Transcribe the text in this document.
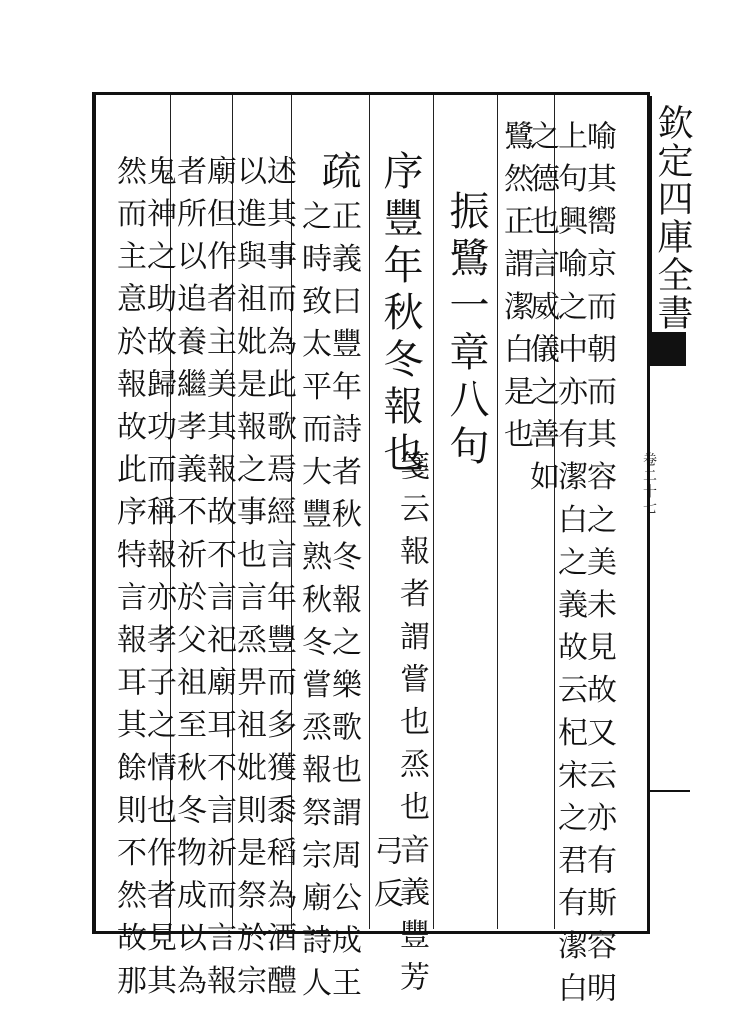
欽定四庫全書
卷二十七
喻其嚮京而朝而其容之美未見故又云亦有斯容明
上句興喻之中亦有潔白之義故云杞宋之君有潔白
之德也言威儀之善如
鷺然正謂潔白是也
振鷺一章八句
序豐年秋冬報也
箋云報者謂嘗也烝也音義豐芳
弓反
疏
正義曰豐年詩者秋冬報之樂歌也謂周公成王
之時致太平而大豐熟秋冬嘗烝報祭宗廟詩人
述其事而為此歌焉經言年豐而多獲黍稻為酒醴
以進與祖妣是報之事也言烝畀祖妣則是祭於宗
廟但作者主美其報故不言祀廟耳不言祈而言報
者所以追養繼孝義不祈於父祖至秋冬物成以為
鬼神之助故歸功而稱報亦孝子之情也作者見其
然而主意於報故此序特言報耳其餘則不然故那
